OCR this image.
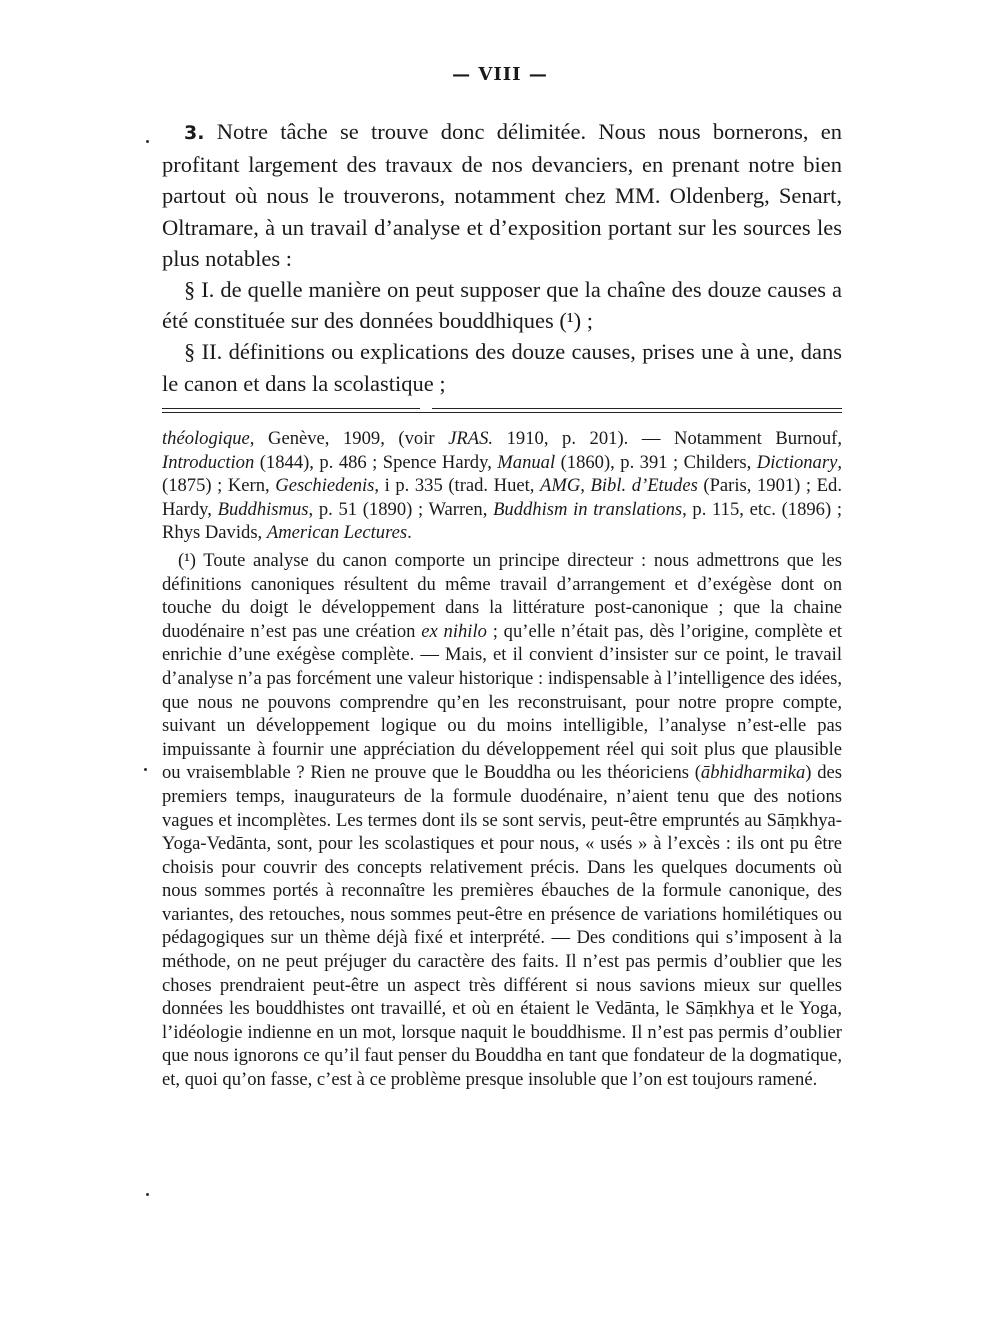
— VIII —

3. Notre tâche se trouve donc délimitée. Nous nous bornerons, en profitant largement des travaux de nos devanciers, en prenant notre bien partout où nous le trouverons, notamment chez MM. Oldenberg, Senart, Oltramare, à un travail d’analyse et d’exposition portant sur les sources les plus notables :

§ I. de quelle manière on peut supposer que la chaîne des douze causes a été constituée sur des données bouddhiques (¹) ;

§ II. définitions ou explications des douze causes, prises une à une, dans le canon et dans la scolastique ;

théologique, Genève, 1909, (voir JRAS. 1910, p. 201). — Notamment Burnouf, Introduction (1844), p. 486 ; Spence Hardy, Manual (1860), p. 391 ; Childers, Dictionary, (1875) ; Kern, Geschiedenis, i p. 335 (trad. Huet, AMG, Bibl. d’Etudes (Paris, 1901) ; Ed. Hardy, Buddhismus, p. 51 (1890) ; Warren, Buddhism in translations, p. 115, etc. (1896) ; Rhys Davids, American Lectures.

(¹) Toute analyse du canon comporte un principe directeur : nous admettrons que les définitions canoniques résultent du même travail d’arrangement et d’exégèse dont on touche du doigt le développement dans la littérature post-canonique ; que la chaine duodénaire n’est pas une création ex nihilo ; qu’elle n’était pas, dès l’origine, complète et enrichie d’une exégèse complète. — Mais, et il convient d’insister sur ce point, le travail d’analyse n’a pas forcément une valeur historique : indispensable à l’intelligence des idées, que nous ne pouvons comprendre qu’en les reconstruisant, pour notre propre compte, suivant un développement logique ou du moins intelligible, l’analyse n’est-elle pas impuissante à fournir une appréciation du développement réel qui soit plus que plausible ou vraisemblable ? Rien ne prouve que le Bouddha ou les théoriciens (ābhidharmika) des premiers temps, inaugurateurs de la formule duodénaire, n’aient tenu que des notions vagues et incomplètes. Les termes dont ils se sont servis, peut-être empruntés au Sāṃkhya-Yoga-Vedānta, sont, pour les scolastiques et pour nous, « usés » à l’excès : ils ont pu être choisis pour couvrir des concepts relativement précis. Dans les quelques documents où nous sommes portés à reconnaître les premières ébauches de la formule canonique, des variantes, des retouches, nous sommes peut-être en présence de variations homilétiques ou pédagogiques sur un thème déjà fixé et interprété. — Des conditions qui s’imposent à la méthode, on ne peut préjuger du caractère des faits. Il n’est pas permis d’oublier que les choses prendraient peut-être un aspect très différent si nous savions mieux sur quelles données les bouddhistes ont travaillé, et où en étaient le Vedānta, le Sāṃkhya et le Yoga, l’idéologie indienne en un mot, lorsque naquit le bouddhisme. Il n’est pas permis d’oublier que nous ignorons ce qu’il faut penser du Bouddha en tant que fondateur de la dogmatique, et, quoi qu’on fasse, c’est à ce problème presque insoluble que l’on est toujours ramené.
